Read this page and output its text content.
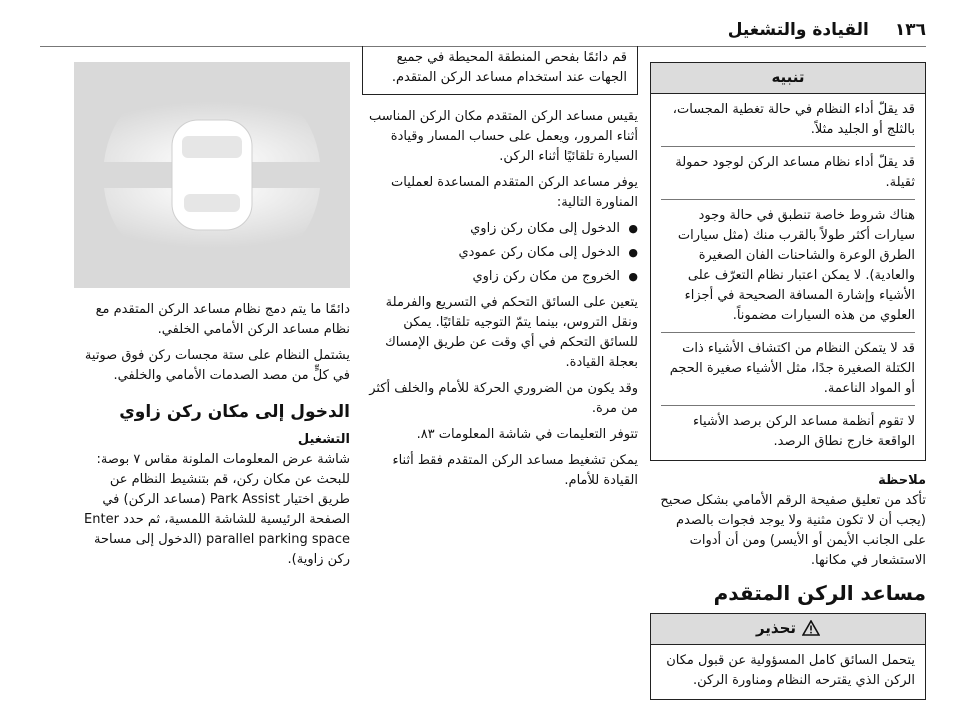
القيادة والتشغيل ١٣٦
تنبيه

قد يقلّ أداء النظام في حالة تغطية المجسات، بالثلج أو الجليد مثلاً.

قد يقلّ أداء نظام مساعد الركن لوجود حمولة ثقيلة.

هناك شروط خاصة تنطبق في حالة وجود سيارات أكثر طولاً بالقرب منك (مثل سيارات الطرق الوعرة والشاحنات الفان الصغيرة والعادية). لا يمكن اعتبار نظام التعرّف على الأشياء وإشارة المسافة الصحيحة في أجزاء العلوي من هذه السيارات مضموناً.

قد لا يتمكن النظام من اكتشاف الأشياء ذات الكتلة الصغيرة جدًا، مثل الأشياء صغيرة الحجم أو المواد الناعمة.

لا تقوم أنظمة مساعد الركن برصد الأشياء الواقعة خارج نطاق الرصد.

ملاحظة

تأكد من تعليق صفيحة الرقم الأمامي بشكل صحيح (يجب أن لا تكون مثنية ولا يوجد فجوات بالصدم على الجانب الأيمن أو الأيسر) ومن أن أدوات الاستشعار في مكانها.

مساعد الركن المتقدم
تحذير

يتحمل السائق كامل المسؤولية عن قبول مكان الركن الذي يقترحه النظام ومناورة الركن.

قم دائمًا بفحص المنطقة المحيطة في جميع الجهات عند استخدام مساعد الركن المتقدم.

يقيس مساعد الركن المتقدم مكان الركن المناسب أثناء المرور، ويعمل على حساب المسار وقيادة السيارة تلقائيًا أثناء الركن.

يوفر مساعد الركن المتقدم المساعدة لعمليات المناورة التالية:

● الدخول إلى مكان ركن زاوي
● الدخول إلى مكان ركن عمودي
● الخروج من مكان ركن زاوي

يتعين على السائق التحكم في التسريع والفرملة ونقل التروس، بينما يتمّ التوجيه تلقائيًا. يمكن للسائق التحكم في أي وقت عن طريق الإمساك بعجلة القيادة.

وقد يكون من الضروري الحركة للأمام والخلف أكثر من مرة.

تتوفر التعليمات في شاشة المعلومات ٨٣.

يمكن تشغيط مساعد الركن المتقدم فقط أثناء القيادة للأمام.

دائمًا ما يتم دمج نظام مساعد الركن المتقدم مع نظام مساعد الركن الأمامي الخلفي.

يشتمل النظام على ستة مجسات ركن فوق صوتية في كلٍّ من مصد الصدمات الأمامي والخلفي.

الدخول إلى مكان ركن زاوي
التشغيل

شاشة عرض المعلومات الملونة مقاس ٧ بوصة: للبحث عن مكان ركن، قم بتنشيط النظام عن طريق اختيار Park Assist (مساعد الركن) في الصفحة الرئيسية للشاشة اللمسية، ثم حدد Enter parallel parking space (الدخول إلى مساحة ركن زاوية).
